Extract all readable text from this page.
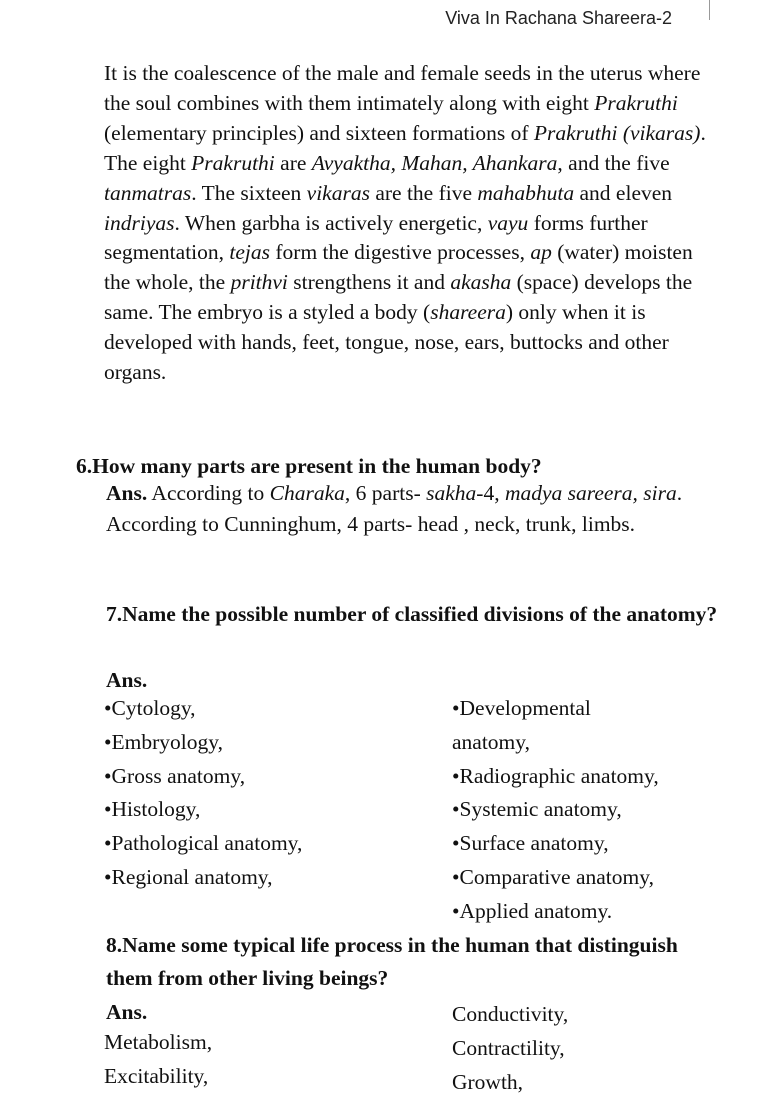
Viva In Rachana Shareera-2

It is the coalescence of the male and female seeds in the uterus where the soul combines with them intimately along with eight Prakruthi (elementary principles) and sixteen formations of Prakruthi (vikaras). The eight Prakruthi are Avyaktha, Mahan, Ahankara, and the five tanmatras. The sixteen vikaras are the five mahabhuta and eleven indriyas. When garbha is actively energetic, vayu forms further segmentation, tejas form the digestive processes, ap (water) moisten the whole, the prithvi strengthens it and akasha (space) develops the same. The embryo is a styled a body (shareera) only when it is developed with hands, feet, tongue, nose, ears, buttocks and other organs.

6.How many parts are present in the human body?
Ans. According to Charaka, 6 parts- sakha-4, madya sareera, sira.
According to Cunninghum, 4 parts- head , neck, trunk, limbs.
7.Name the possible number of classified divisions of the anatomy?
Ans.
•Cytology,
•Embryology,
•Gross anatomy,
•Histology,
•Pathological anatomy,
•Regional anatomy,
•Developmental
anatomy,
•Radiographic anatomy,
•Systemic anatomy,
•Surface anatomy,
•Comparative anatomy,
•Applied anatomy.
8.Name some typical life process in the human that distinguish them from other living beings?
Ans.
Metabolism,
Excitability,
Conductivity,
Contractility,
Growth,
